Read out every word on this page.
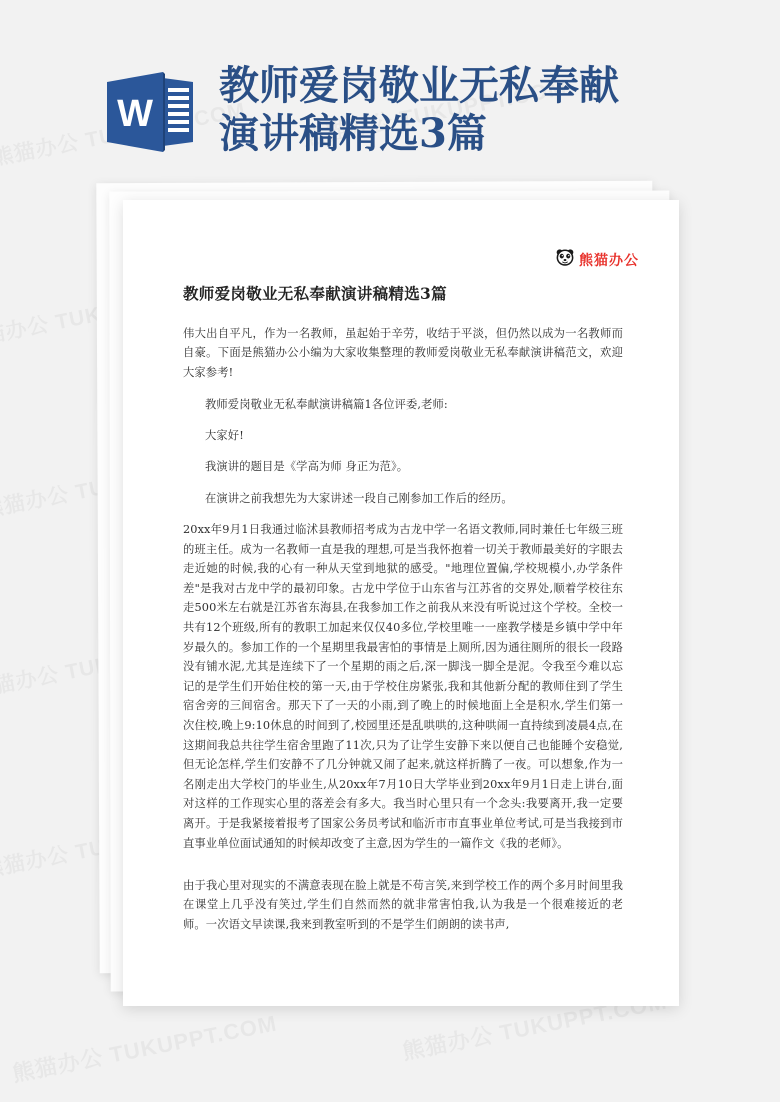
W
教师爱岗敬业无私奉献
演讲稿精选3篇
熊猫办公
教师爱岗敬业无私奉献演讲稿精选3篇

伟大出自平凡，作为一名教师，虽起始于辛劳，收结于平淡，但仍然以成为一名教师而自豪。下面是熊猫办公小编为大家收集整理的教师爱岗敬业无私奉献演讲稿范文，欢迎大家参考!

教师爱岗敬业无私奉献演讲稿篇1各位评委,老师:

大家好!

我演讲的题目是《学高为师 身正为范》。

在演讲之前我想先为大家讲述一段自己刚参加工作后的经历。

20xx年9月1日我通过临沭县教师招考成为古龙中学一名语文教师,同时兼任七年级三班的班主任。成为一名教师一直是我的理想,可是当我怀抱着一切关于教师最美好的字眼去走近她的时候,我的心有一种从天堂到地狱的感受。"地理位置偏,学校规模小,办学条件差"是我对古龙中学的最初印象。古龙中学位于山东省与江苏省的交界处,顺着学校往东走500米左右就是江苏省东海县,在我参加工作之前我从来没有听说过这个学校。全校一共有12个班级,所有的教职工加起来仅仅40多位,学校里唯一一座教学楼是乡镇中学中年岁最久的。参加工作的一个星期里我最害怕的事情是上厕所,因为通往厕所的很长一段路没有铺水泥,尤其是连续下了一个星期的雨之后,深一脚浅一脚全是泥。令我至今难以忘记的是学生们开始住校的第一天,由于学校住房紧张,我和其他新分配的教师住到了学生宿舍旁的三间宿舍。那天下了一天的小雨,到了晚上的时候地面上全是积水,学生们第一次住校,晚上9:10休息的时间到了,校园里还是乱哄哄的,这种哄闹一直持续到凌晨4点,在这期间我总共往学生宿舍里跑了11次,只为了让学生安静下来以便自己也能睡个安稳觉,但无论怎样,学生们安静不了几分钟就又闹了起来,就这样折腾了一夜。可以想象,作为一名刚走出大学校门的毕业生,从20xx年7月10日大学毕业到20xx年9月1日走上讲台,面对这样的工作现实心里的落差会有多大。我当时心里只有一个念头:我要离开,我一定要离开。于是我紧接着报考了国家公务员考试和临沂市市直事业单位考试,可是当我接到市直事业单位面试通知的时候却改变了主意,因为学生的一篇作文《我的老师》。

由于我心里对现实的不满意表现在脸上就是不苟言笑,来到学校工作的两个多月时间里我在课堂上几乎没有笑过,学生们自然而然的就非常害怕我,认为我是一个很难接近的老师。一次语文早读课,我来到教室听到的不是学生们朗朗的读书声,
